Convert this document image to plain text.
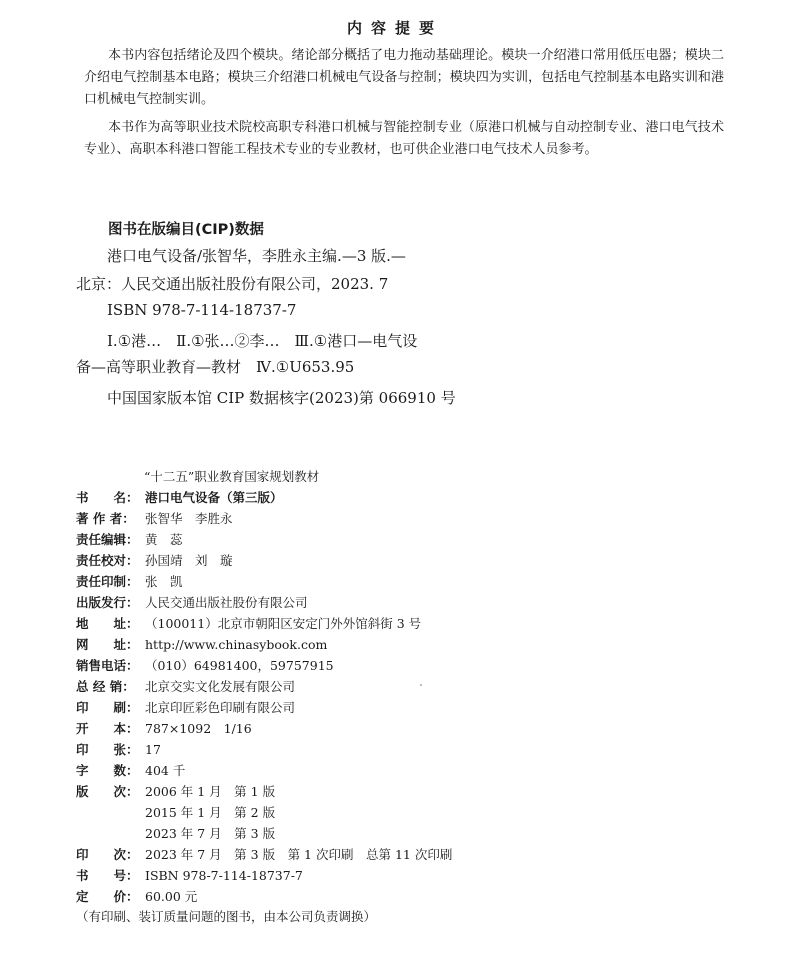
内容提要
本书内容包括绪论及四个模块。绪论部分概括了电力拖动基础理论。模块一介绍港口常用低压电器；模块二介绍电气控制基本电路；模块三介绍港口机械电气设备与控制；模块四为实训，包括电气控制基本电路实训和港口机械电气控制实训。
本书作为高等职业技术院校高职专科港口机械与智能控制专业（原港口机械与自动控制专业、港口电气技术专业）、高职本科港口智能工程技术专业的专业教材，也可供企业港口电气技术人员参考。
图书在版编目(CIP)数据
港口电气设备/张智华，李胜永主编.—3 版.—
北京：人民交通出版社股份有限公司，2023. 7
ISBN 978-7-114-18737-7
Ⅰ.①港…　Ⅱ.①张…②李…　Ⅲ.①港口—电气设
备—高等职业教育—教材　Ⅳ.①U653.95
中国国家版本馆 CIP 数据核字(2023)第 066910 号
“十二五”职业教育国家规划教材
书　　名： 港口电气设备（第三版）
著 作 者： 张智华　李胜永
责任编辑： 黄　蕊
责任校对： 孙国靖　刘　璇
责任印制： 张　凯
出版发行： 人民交通出版社股份有限公司
地　　址： （100011）北京市朝阳区安定门外外馆斜街 3 号
网　　址： http://www.chinasybook.com
销售电话： （010）64981400，59757915
总 经 销： 北京交实文化发展有限公司
印　　刷： 北京印匠彩色印刷有限公司
开　　本： 787×1092　1/16
印　　张： 17
字　　数： 404 千
版　　次： 2006 年 1 月　第 1 版
2015 年 1 月　第 2 版
2023 年 7 月　第 3 版
印　　次： 2023 年 7 月　第 3 版　第 1 次印刷　总第 11 次印刷
书　　号： ISBN 978-7-114-18737-7
定　　价： 60.00 元
（有印刷、装订质量问题的图书，由本公司负责调换）
